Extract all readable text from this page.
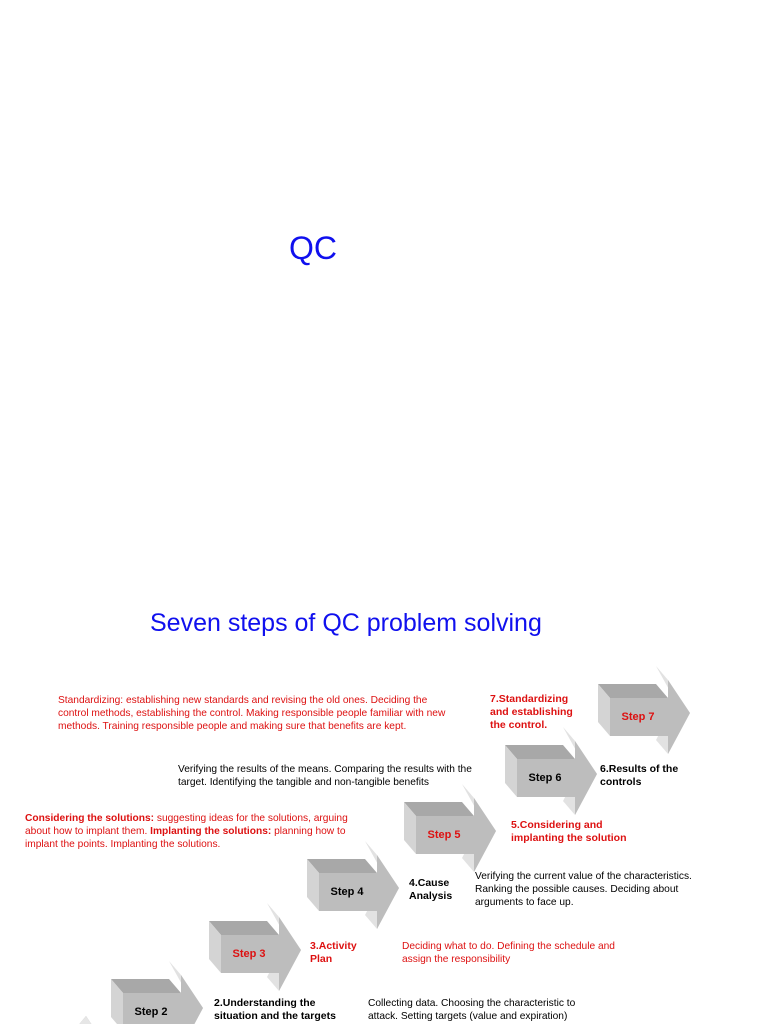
QC
Seven steps of QC problem solving
Step 2
Step 3
Step 4
Step 5
Step 6
Step 7
Standardizing: establishing new standards and revising the old ones. Deciding the control methods, establishing the control. Making responsible people familiar with new methods. Training responsible people and making sure that benefits are kept.
7.Standardizing and establishing the control.
Verifying the results of the means. Comparing the results with the target. Identifying the tangible and non-tangible benefits
6.Results of the controls
Considering the solutions: suggesting ideas for the solutions, arguing about how to implant them. Implanting the solutions: planning how to implant the points. Implanting the solutions.
5.Considering and implanting the solution
4.Cause Analysis
Verifying the current value of the characteristics. Ranking the possible causes. Deciding about arguments to face up.
3.Activity Plan
Deciding what to do. Defining the schedule and assign the responsibility
2.Understanding the situation and the targets
Collecting data. Choosing the characteristic to attack. Setting targets (value and expiration)
